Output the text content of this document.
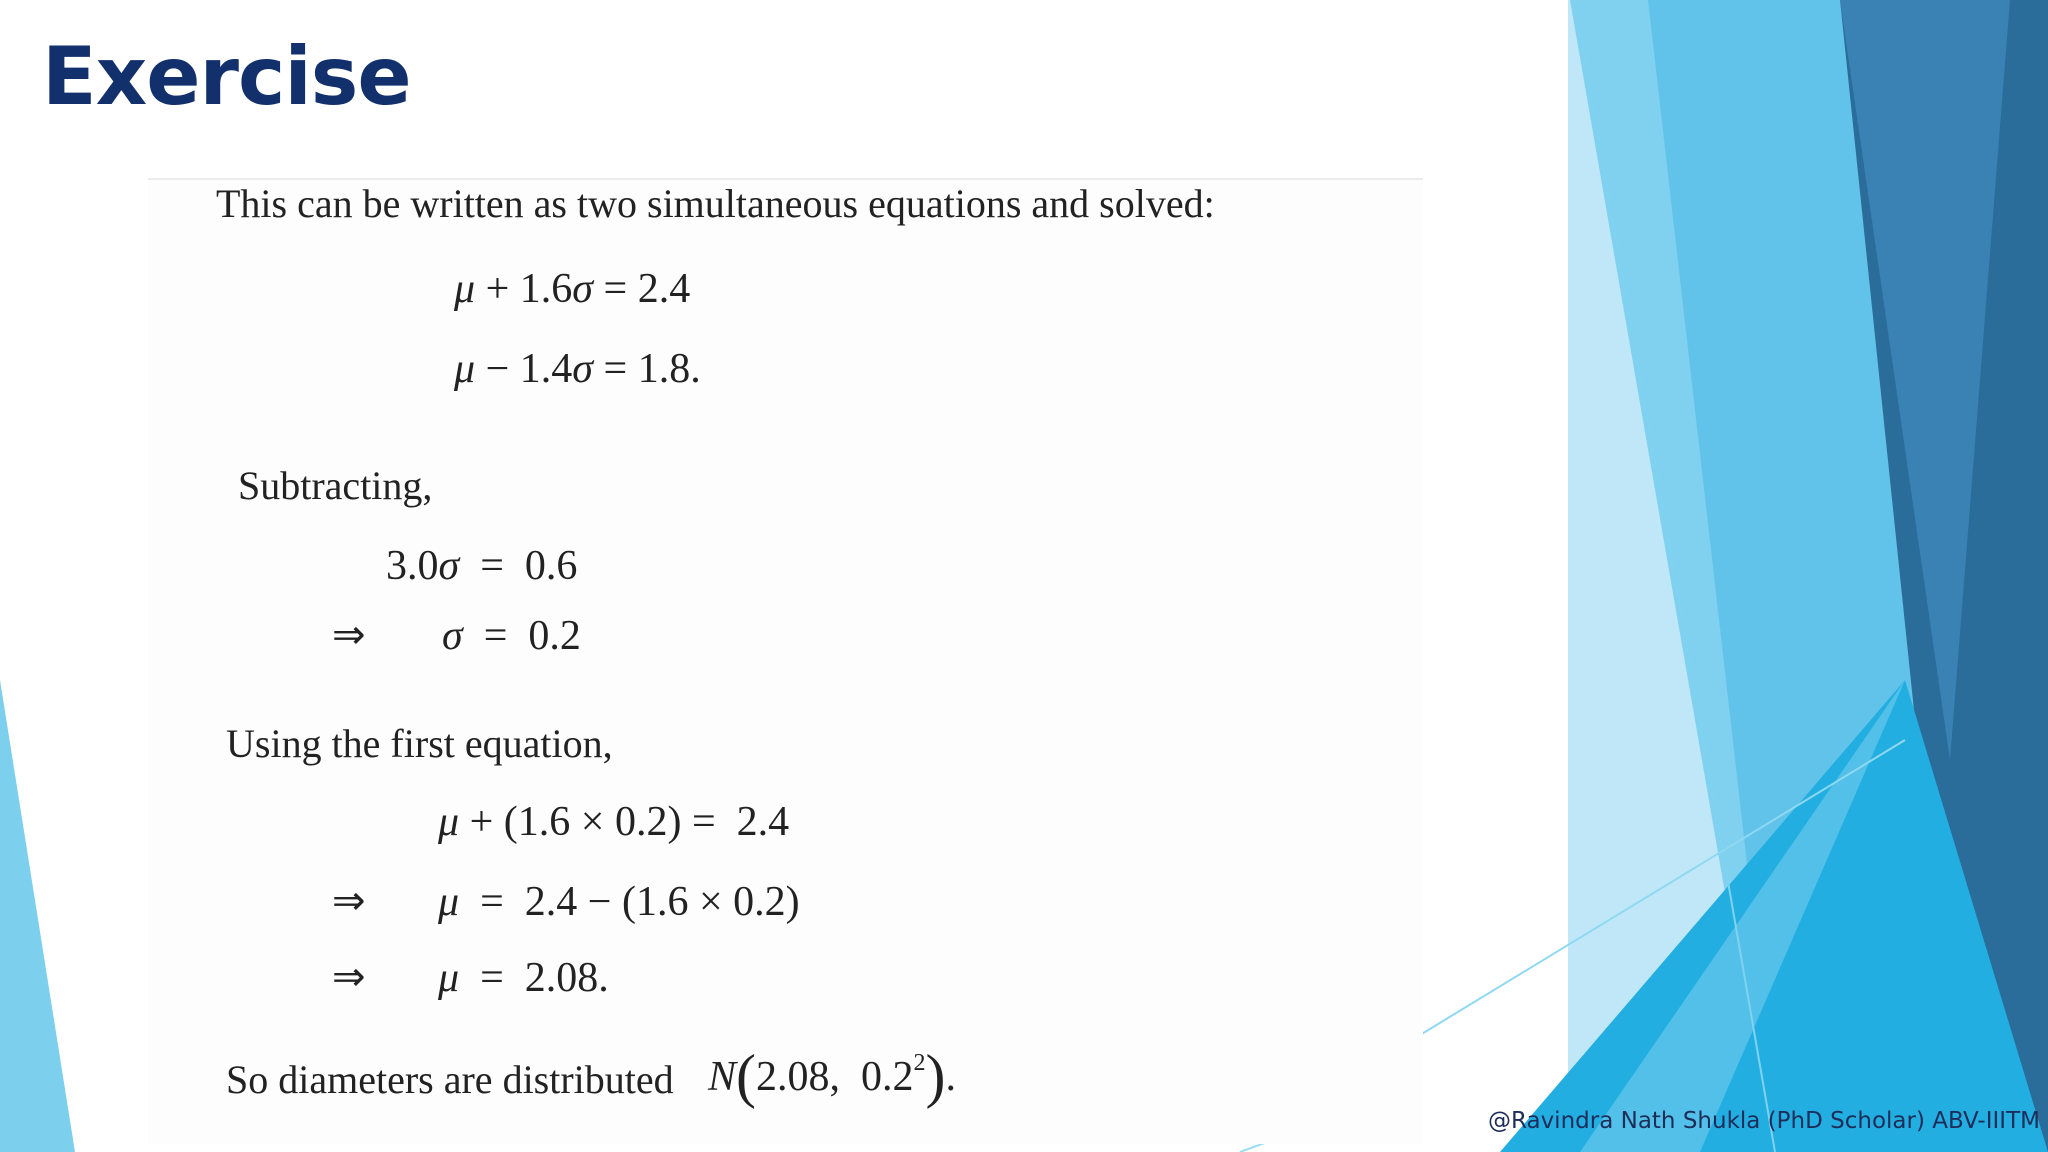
Exercise
This can be written as two simultaneous equations and solved:
μ + 1.6σ = 2.4
μ − 1.4σ = 1.8.
Subtracting,
3.0σ  =  0.6
⇒ σ  =  0.2
Using the first equation,
μ + (1.6 × 0.2) =  2.4
⇒ μ  =  2.4 − (1.6 × 0.2)
⇒ μ  =  2.08.
So diameters are distributed N(2.08, $0.2^2$).
@Ravindra Nath Shukla (PhD Scholar) ABV-IIITM
